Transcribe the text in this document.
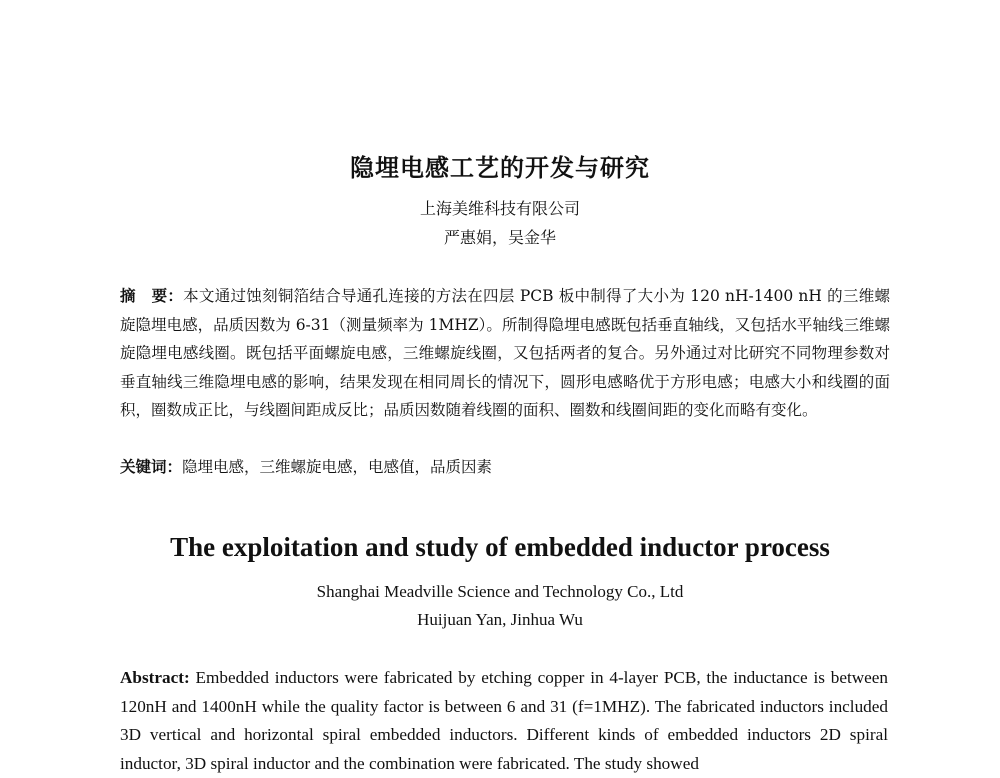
隐埋电感工艺的开发与研究
上海美维科技有限公司
严惠娟，吴金华
摘　要：本文通过蚀刻铜箔结合导通孔连接的方法在四层 PCB 板中制得了大小为 120 nH-1400 nH 的三维螺旋隐埋电感，品质因数为 6-31（测量频率为 1MHZ）。所制得隐埋电感既包括垂直轴线，又包括水平轴线三维螺旋隐埋电感线圈。既包括平面螺旋电感，三维螺旋线圈，又包括两者的复合。另外通过对比研究不同物理参数对垂直轴线三维隐埋电感的影响，结果发现在相同周长的情况下，圆形电感略优于方形电感；电感大小和线圈的面积，圈数成正比，与线圈间距成反比；品质因数随着线圈的面积、圈数和线圈间距的变化而略有变化。
关键词：隐埋电感，三维螺旋电感，电感值，品质因素
The exploitation and study of embedded inductor process
Shanghai Meadville Science and Technology Co., Ltd
Huijuan Yan, Jinhua Wu
Abstract: Embedded inductors were fabricated by etching copper in 4-layer PCB, the inductance is between 120nH and 1400nH while the quality factor is between 6 and 31 (f=1MHZ). The fabricated inductors included 3D vertical and horizontal spiral embedded inductors. Different kinds of embedded inductors 2D spiral inductor, 3D spiral inductor and the combination were fabricated. The study showed
